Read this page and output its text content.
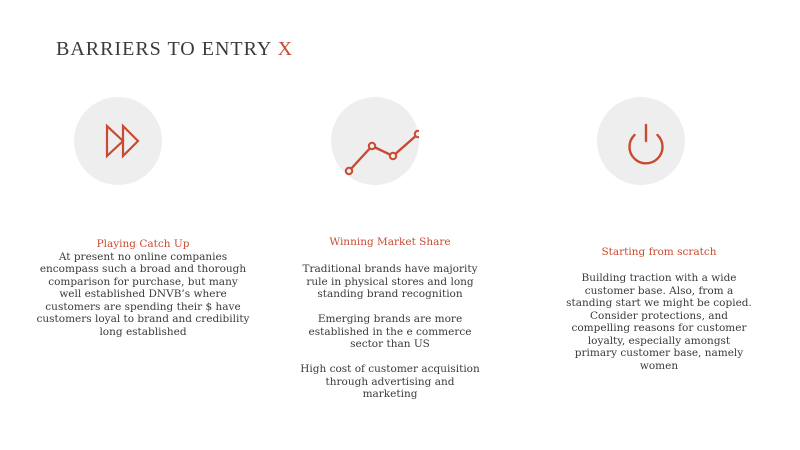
BARRIERS TO ENTRY X

Playing Catch Up

At present no online companies encompass such a broad and thorough comparison for purchase, but many well established DNVB’s where customers are spending their $ have customers loyal to brand and credibility long established

Winning Market Share

Traditional brands have majority rule in physical stores and long standing brand recognition

Emerging brands are more established in the e commerce sector than US

High cost of customer acquisition through advertising and marketing

Starting from scratch

Building traction with a wide customer base. Also, from a standing start we might be copied. Consider protections, and compelling reasons for customer loyalty, especially amongst primary customer base, namely women
